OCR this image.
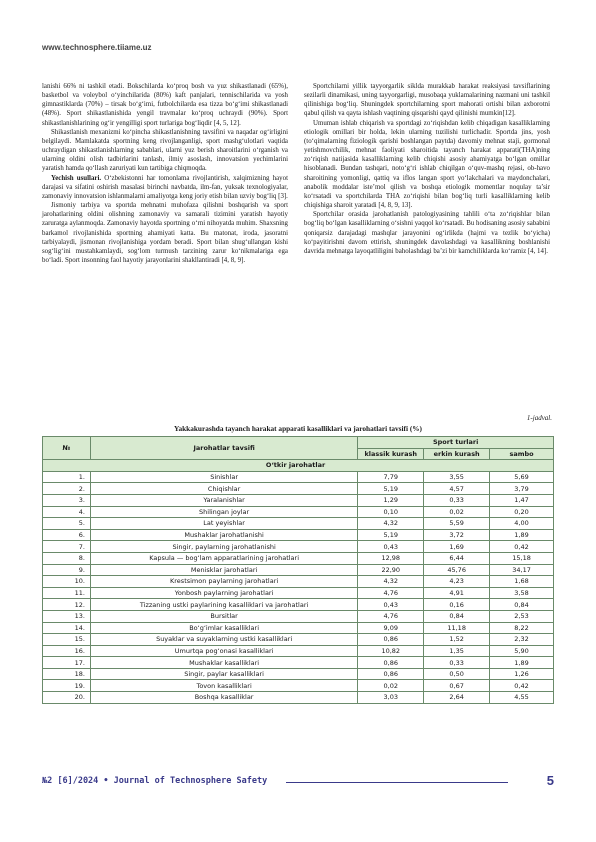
www.technosphere.tiiame.uz

lanishi 66% ni tashkil etadi. Bokschilarda ko‘proq bosh va yuz shikastlanadi (65%), basketbol va voleybol o‘yinchilarida (80%) kaft panjalari, tennischilarida va yosh gimnastiklarda (70%) – tirsak bo‘g‘imi, futbolchilarda esa tizza bo‘g‘imi shikastlanadi (48%). Sport shikastlanishida yengil travmalar ko‘proq uchraydi (90%). Sport shikastlanishlarining og‘ir yengilligi sport turlariga bog‘liqdir [4, 5, 12].

Shikastlanish mexanizmi ko‘pincha shikastlanishning tavsifini va naqadar og‘irligini belgilaydi. Mamlakatda sportning keng rivojlanganligi, sport mashg‘ulotlari vaqtida uchraydigan shikastlanishlarning sabablari, ularni yuz berish sharoitlarini o‘rganish va ularning oldini olish tadbirlarini tanlash, ilmiy asoslash, innovatsion yechimlarini yaratish hamda qo‘llash zaruriyati kun tartibiga chiqmoqda.

Yechish usullari. O‘zbekistonni har tomonlama rivojlantirish, xalqimizning hayot darajasi va sifatini oshirish masalasi birinchi navbatda, ilm-fan, yuksak texnologiyalar, zamonaviy innovatsion ishlanmalarni amaliyotga keng joriy etish bilan uzviy bog‘liq [3].

Jismoniy tarbiya va sportda mehnatni muhofaza qilishni boshqarish va sport jarohatlarining oldini olishning zamonaviy va samarali tizimini yaratish hayotiy zaruratga aylanmoqda. Zamonaviy hayotda sportning o‘rni nihoyatda muhim. Shaxsning barkamol rivojlanishida sportning ahamiyati katta. Bu matonat, iroda, jasoratni tarbiyalaydi, jismonan rivojlanishiga yordam beradi. Sport bilan shug‘ullangan kishi sog‘lig‘ini mustahkamlaydi, sog‘lom turmush tarzining zarur ko‘nikmalariga ega bo‘ladi. Sport insonning faol hayotiy jarayonlarini shakllantiradi [4, 8, 9].

Sportchilarni yillik tayyorgarlik siklda murakkab harakat reaksiyasi tavsiflarining sezilarli dinamikasi, uning tayyorgarligi, musobaqa yuklamalarining nazmani uni tashkil qilinishiga bog‘liq. Shuningdek sportchilarning sport mahorati ortishi bilan axborotni qabul qilish va qayta ishlash vaqtining qisqarishi qayd qilinishi mumkin[12].

Umuman ishlab chiqarish va sportdagi zo‘riqishdan kelib chiqadigan kasalliklarning etiologik omillari bir holda, lekin ularning tuzilishi turlichadir. Sportda jins, yosh (to‘qimalarning fiziologik qarishi boshlangan paytda) davomiy mehnat staji, gormonal yetishmovchilik, mehnat faoliyati sharoitida tayanch harakat apparati(THA)ning zo‘riqish natijasida kasalliklarning kelib chiqishi asosiy ahamiyatga bo‘lgan omillar hisoblanadi. Bundan tashqari, noto‘g‘ri ishlab chiqilgan o‘quv-mashq rejasi, ob-havo sharoitining yomonligi, qattiq va iflos langan sport yo‘lakchalari va maydonchalari, anabolik moddalar iste’mol qilish va boshqa etiologik momentlar noqulay ta’sir ko‘rsatadi va sportchilarda THA zo‘riqishi bilan bog‘liq turli kasalliklarning kelib chiqishiga sharoit yaratadi [4, 8, 9, 13].

Sportchilar orasida jarohatlanish patologiyasining tahlili o‘ta zo‘riqishlar bilan bog‘liq bo‘lgan kasalliklarning o‘sishni yaqqol ko‘rsatadi. Bu hodisaning asosiy sababini qoniqarsiz darajadagi mashqlar jarayonini og‘irlikda (hajmi va tezlik bo‘yicha) ko‘payitirishni davom ettirish, shuningdek davolashdagi va kasallikning boshlanishi davrida mehnatga layoqatliligini baholashdagi ba’zi bir kamchiliklarda ko‘ramiz [4, 14].

1-jadval.
Yakkakurashda tayanch harakat apparati kasalliklari va jarohatlari tavsifi (%)
№	Jarohatlar tavsifi	Sport turlari		
		klassik kurash	erkin kurash	sambo
O‘tkir jarohatlar				
1.	Sinishlar	7,79	3,55	5,69
2.	Chiqishlar	5,19	4,57	3,79
3.	Yaralanishlar	1,29	0,33	1,47
4.	Shilingan joylar	0,10	0,02	0,20
5.	Lat yeyishlar	4,32	5,59	4,00
6.	Mushaklar jarohatlanishi	5,19	3,72	1,89
7.	Singir, paylarning jarohatlanishi	0,43	1,69	0,42
8.	Kapsula — bog‘lam apparatlarining jarohatlari	12,98	6,44	15,18
9.	Menisklar jarohatlari	22,90	45,76	34,17
10.	Krestsimon paylarning jarohatlari	4,32	4,23	1,68
11.	Yonbosh paylarning jarohatlari	4,76	4,91	3,58
12.	Tizzaning ustki paylarining kasalliklari va jarohatlari	0,43	0,16	0,84
13.	Bursitlar	4,76	0,84	2,53
14.	Bo‘g‘imlar kasalliklari	9,09	11,18	8,22
15.	Suyaklar va suyaklarning ustki kasalliklari	0,86	1,52	2,32
16.	Umurtqa pog‘onasi kasalliklari	10,82	1,35	5,90
17.	Mushaklar kasalliklari	0,86	0,33	1,89
18.	Singir, paylar kasalliklari	0,86	0,50	1,26
19.	Tovon kasalliklari	0,02	0,67	0,42
20.	Boshqa kasalliklar	3,03	2,64	4,55
№2 [6]/2024 • Journal of Technosphere Safety	5
